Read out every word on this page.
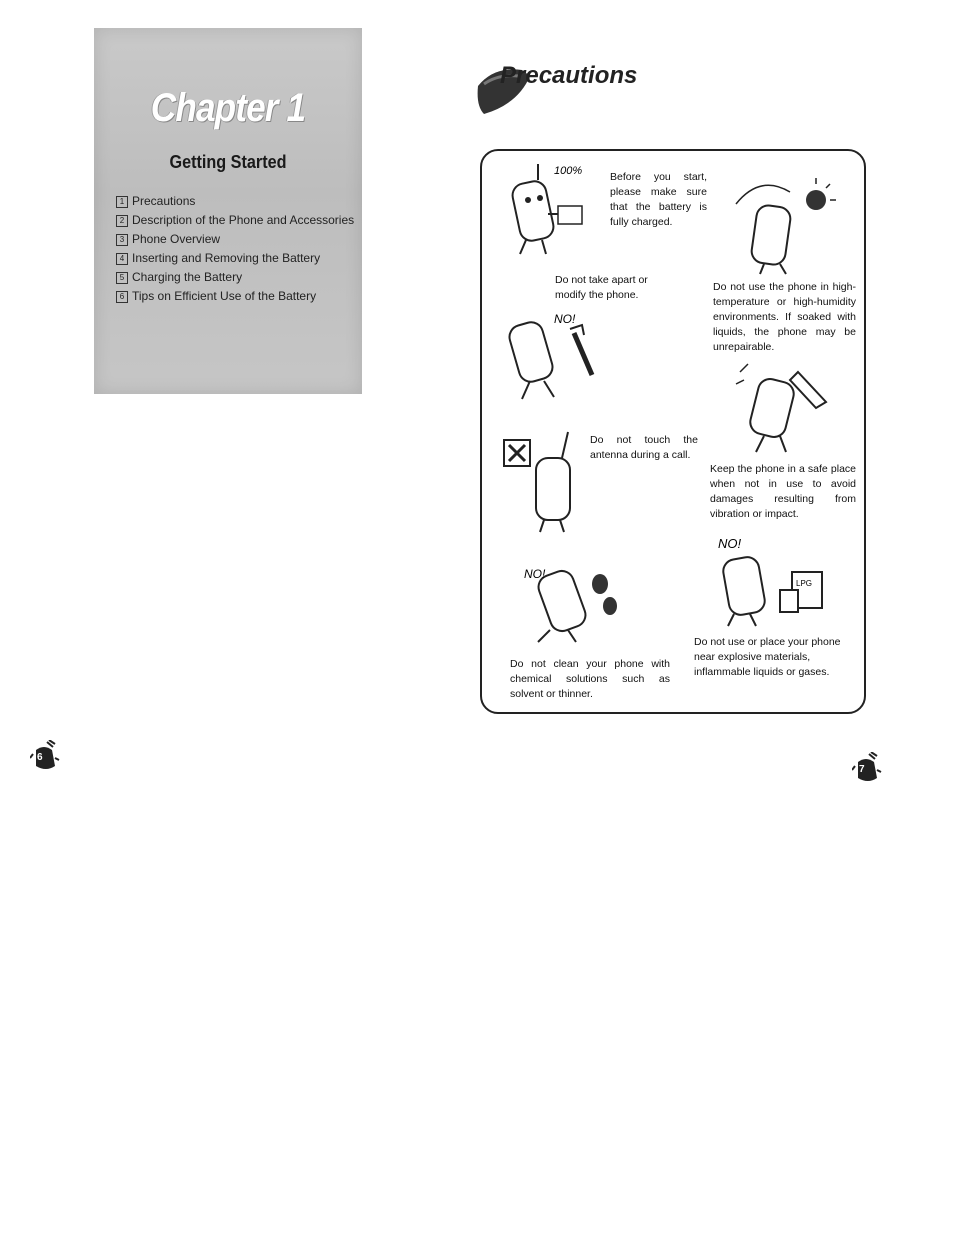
Chapter 1
Getting Started
1 Precautions
2 Description of the Phone and Accessories
3 Phone Overview
4 Inserting and Removing the Battery
5 Charging the Battery
6 Tips on Efficient Use of the Battery
6
Precautions
Before you start, please make sure that the battery is fully charged.
Do not use the phone in high-temperature or high-humidity environments. If soaked with liquids, the phone may be unrepairable.
Do not take apart or modify the phone.
Keep the phone in a safe place when not in use to avoid damages resulting from vibration or impact.
Do not touch the antenna during a call.
Do not use or place your phone near explosive materials, inflammable liquids or gases.
Do not clean your phone with chemical solutions such as solvent or thinner.
100%
NO!
NO!
NO!
LPG
7
